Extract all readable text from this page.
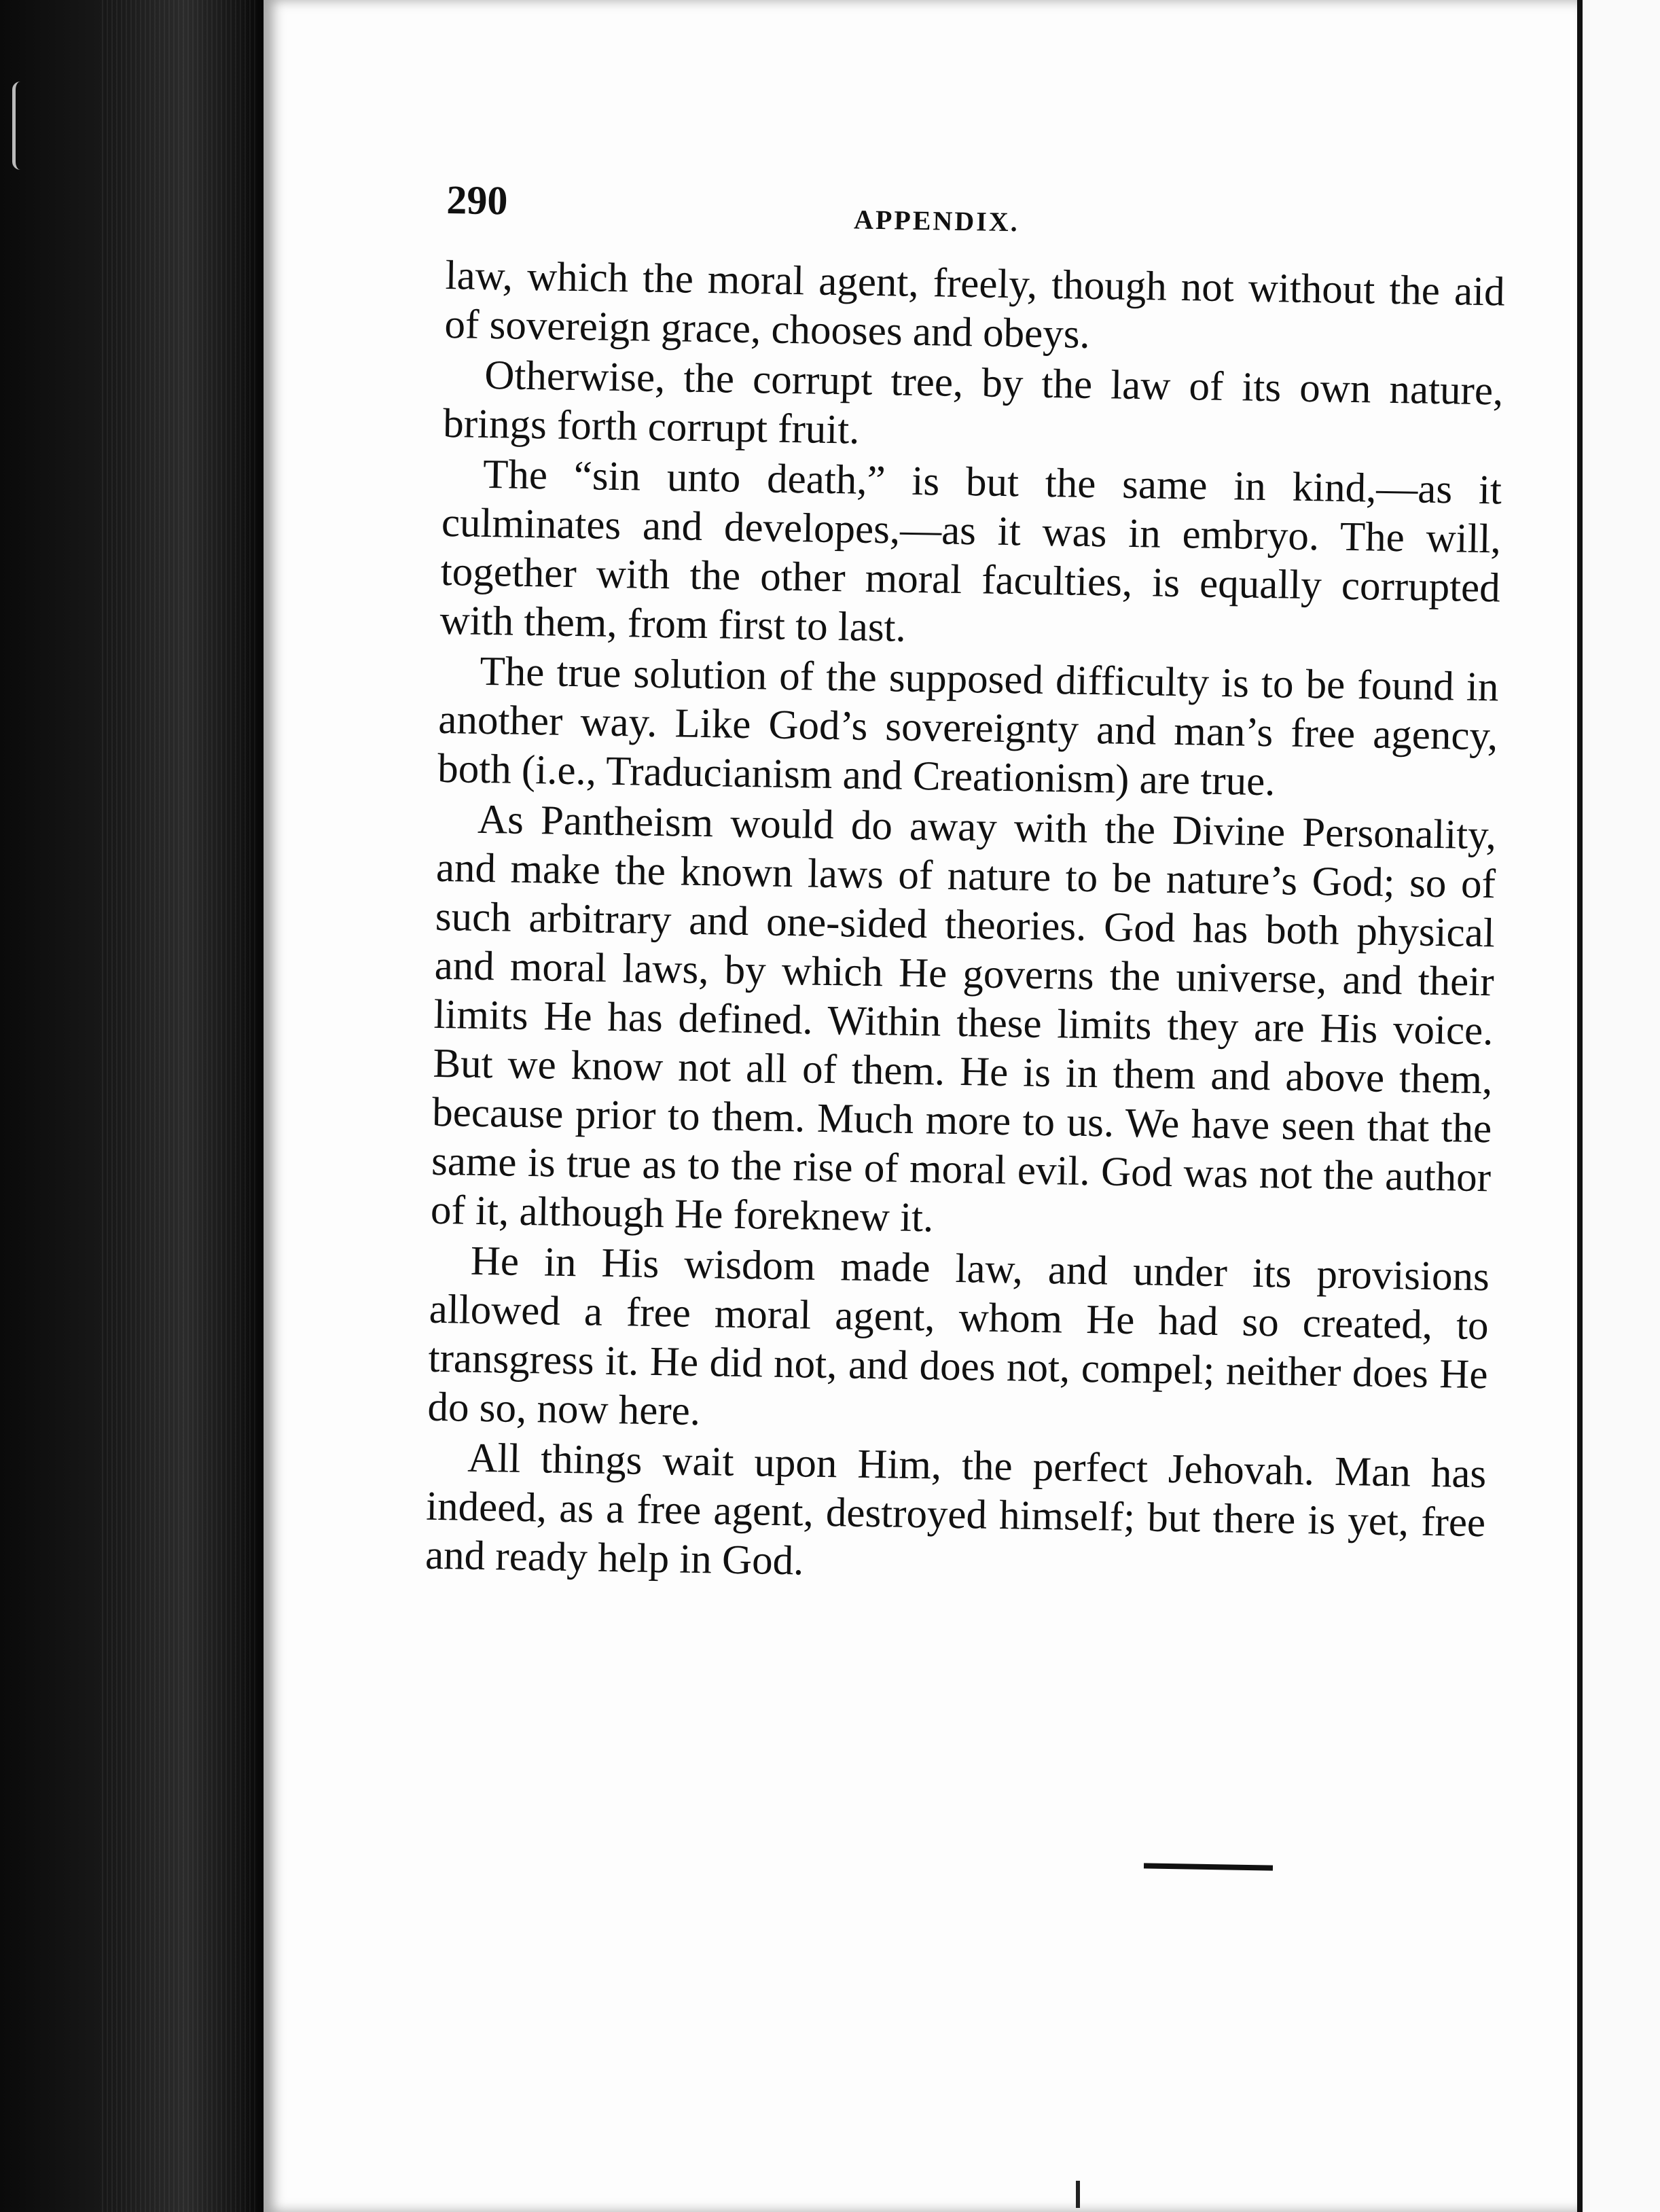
290	APPENDIX.

law, which the moral agent, freely, though not without the aid of sovereign grace, chooses and obeys.

Otherwise, the corrupt tree, by the law of its own nature, brings forth corrupt fruit.

The “sin unto death,” is but the same in kind,—as it culminates and developes,—as it was in embryo. The will, together with the other moral faculties, is equally corrupted with them, from first to last.

The true solution of the supposed difficulty is to be found in another way. Like God’s sovereignty and man’s free agency, both (i.e., Traducianism and Creationism) are true.

As Pantheism would do away with the Divine Personality, and make the known laws of nature to be nature’s God; so of such arbitrary and one-sided theories. God has both physical and moral laws, by which He governs the universe, and their limits He has defined. Within these limits they are His voice. But we know not all of them. He is in them and above them, because prior to them. Much more to us. We have seen that the same is true as to the rise of moral evil. God was not the author of it, although He foreknew it.

He in His wisdom made law, and under its provisions allowed a free moral agent, whom He had so created, to transgress it. He did not, and does not, compel; neither does He do so, now here.

All things wait upon Him, the perfect Jehovah. Man has indeed, as a free agent, destroyed himself; but there is yet, free and ready help in God.
